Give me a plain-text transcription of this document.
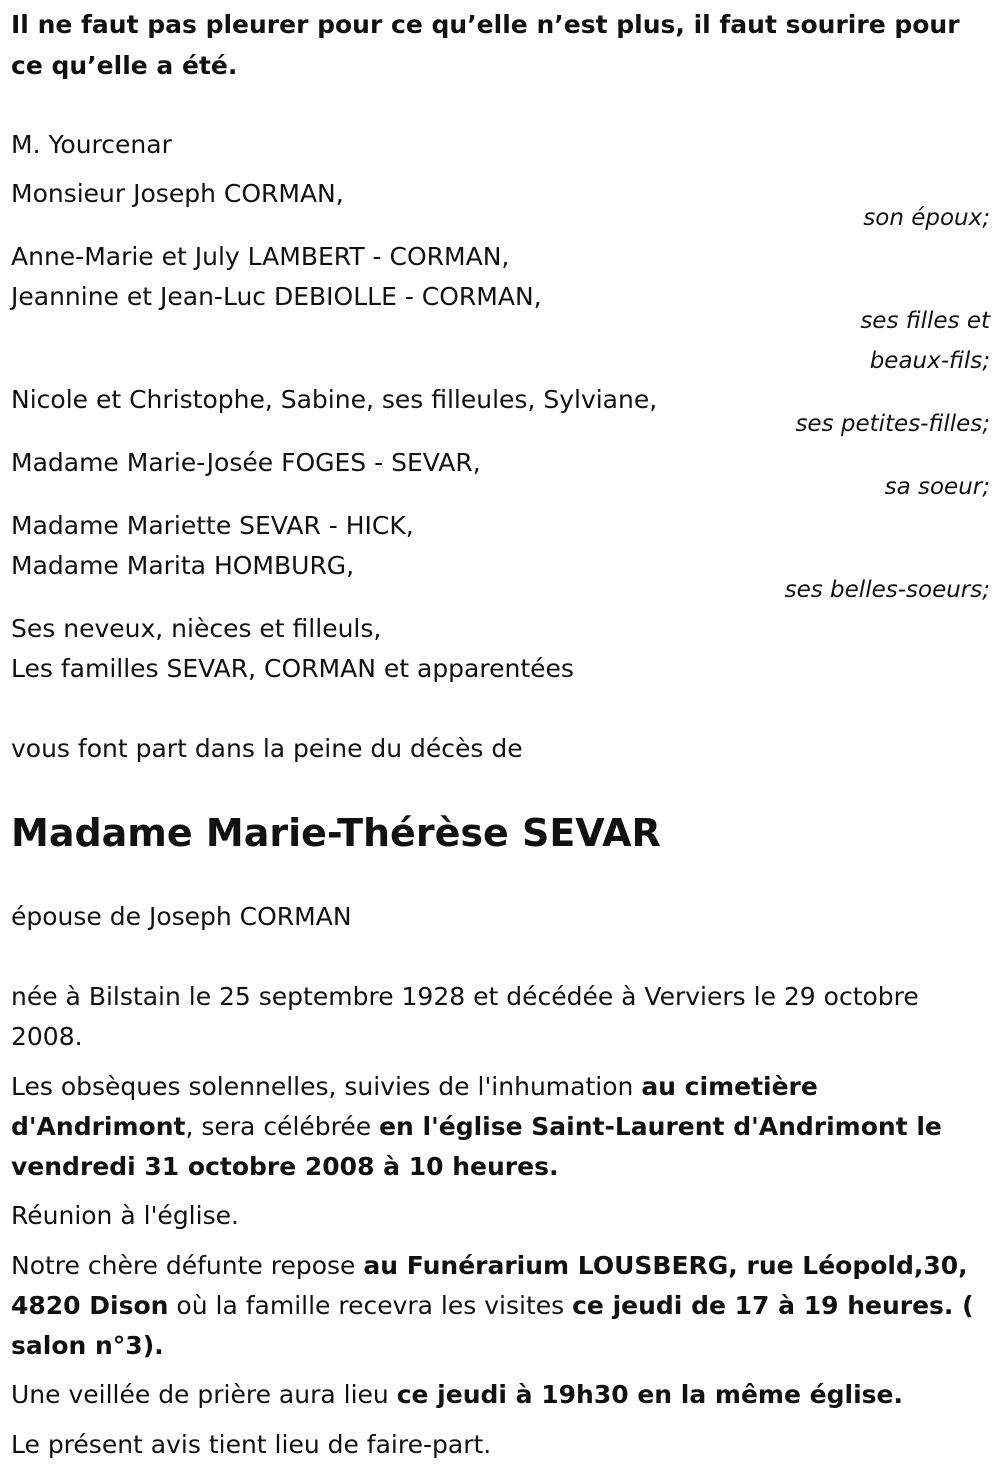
Il ne faut pas pleurer pour ce qu’elle n’est plus, il faut sourire pour ce qu’elle a été.

M. Yourcenar
Monsieur Joseph CORMAN,
son époux;
Anne-Marie et July LAMBERT - CORMAN,
Jeannine et Jean-Luc DEBIOLLE - CORMAN,
ses filles et
beaux-fils;
Nicole et Christophe, Sabine, ses filleules, Sylviane,
ses petites-filles;
Madame Marie-Josée FOGES - SEVAR,
sa soeur;
Madame Mariette SEVAR - HICK,
Madame Marita HOMBURG,
ses belles-soeurs;
Ses neveux, nièces et filleuls,
Les familles SEVAR, CORMAN et apparentées
vous font part dans la peine du décès de
Madame Marie-Thérèse SEVAR
épouse de Joseph CORMAN
née à Bilstain le 25 septembre 1928 et décédée à Verviers le 29 octobre 2008.
Les obsèques solennelles, suivies de l'inhumation au cimetière d'Andrimont, sera célébrée en l'église Saint-Laurent d'Andrimont le vendredi 31 octobre 2008 à 10 heures.
Réunion à l'église.
Notre chère défunte repose au Funérarium LOUSBERG, rue Léopold,30, 4820 Dison où la famille recevra les visites ce jeudi de 17 à 19 heures. ( salon n°3).
Une veillée de prière aura lieu ce jeudi à 19h30 en la même église.
Le présent avis tient lieu de faire-part.
